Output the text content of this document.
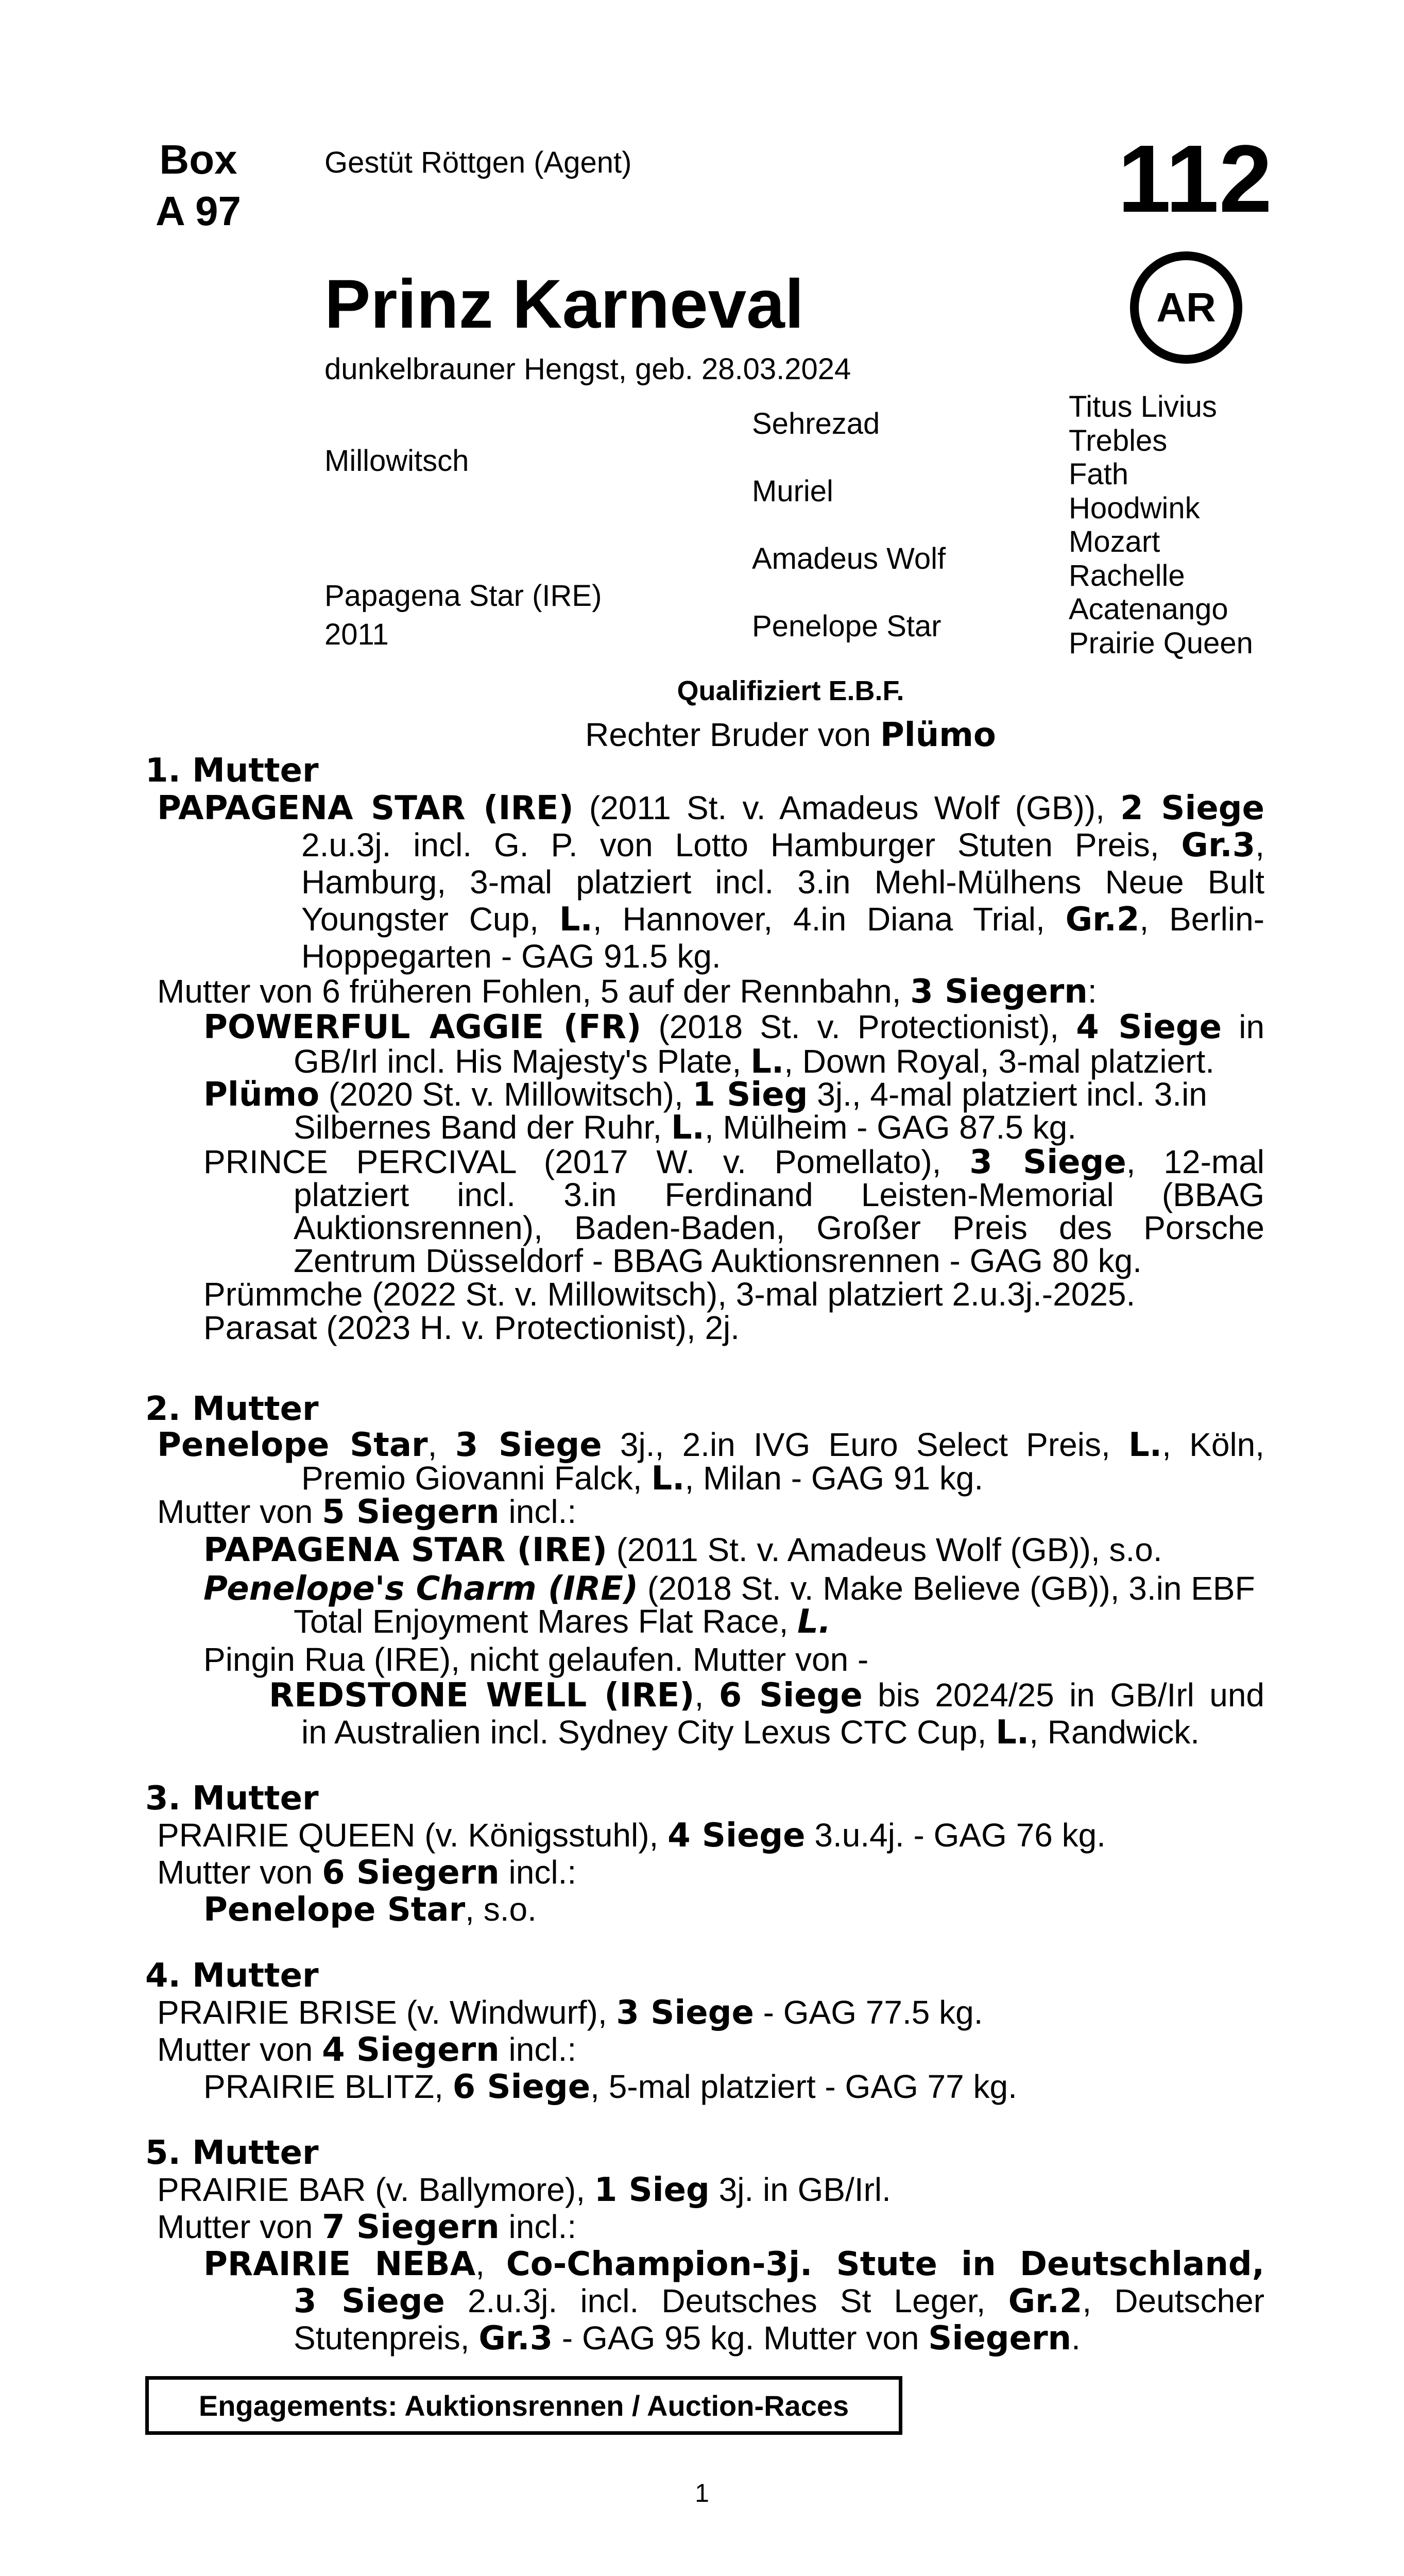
Box
A 97
Gestüt Röttgen (Agent)	112
AR
Prinz Karneval
dunkelbrauner Hengst, geb. 28.03.2024
Millowitsch
Papagena Star (IRE)
2011
Sehrezad
Muriel
Amadeus Wolf
Penelope Star
Titus Livius
Trebles
Fath
Hoodwink
Mozart
Rachelle
Acatenango
Prairie Queen
Qualifiziert E.B.F.
Rechter Bruder von Plümo
1. Mutter
PAPAGENA STAR (IRE) (2011 St. v. Amadeus Wolf (GB)), 2 Siege
2.u.3j. incl. G. P. von Lotto Hamburger Stuten Preis, Gr.3,
Hamburg, 3-mal platziert incl. 3.in Mehl-Mülhens Neue Bult
Youngster Cup, L., Hannover, 4.in Diana Trial, Gr.2, Berlin-
Hoppegarten - GAG 91.5 kg.
Mutter von 6 früheren Fohlen, 5 auf der Rennbahn, 3 Siegern:
POWERFUL AGGIE (FR) (2018 St. v. Protectionist), 4 Siege in
GB/Irl incl. His Majesty's Plate, L., Down Royal, 3-mal platziert.
Plümo (2020 St. v. Millowitsch), 1 Sieg 3j., 4-mal platziert incl. 3.in
Silbernes Band der Ruhr, L., Mülheim - GAG 87.5 kg.
PRINCE PERCIVAL (2017 W. v. Pomellato), 3 Siege, 12-mal
platziert incl. 3.in Ferdinand Leisten-Memorial (BBAG
Auktionsrennen), Baden-Baden, Großer Preis des Porsche
Zentrum Düsseldorf - BBAG Auktionsrennen - GAG 80 kg.
Prümmche (2022 St. v. Millowitsch), 3-mal platziert 2.u.3j.-2025.
Parasat (2023 H. v. Protectionist), 2j.
2. Mutter
Penelope Star, 3 Siege 3j., 2.in IVG Euro Select Preis, L., Köln,
Premio Giovanni Falck, L., Milan - GAG 91 kg.
Mutter von 5 Siegern incl.:
PAPAGENA STAR (IRE) (2011 St. v. Amadeus Wolf (GB)), s.o.
Penelope's Charm (IRE) (2018 St. v. Make Believe (GB)), 3.in EBF
Total Enjoyment Mares Flat Race, L.
Pingin Rua (IRE), nicht gelaufen. Mutter von -
REDSTONE WELL (IRE), 6 Siege bis 2024/25 in GB/Irl und
in Australien incl. Sydney City Lexus CTC Cup, L., Randwick.
3. Mutter
PRAIRIE QUEEN (v. Königsstuhl), 4 Siege 3.u.4j. - GAG 76 kg.
Mutter von 6 Siegern incl.:
Penelope Star, s.o.
4. Mutter
PRAIRIE BRISE (v. Windwurf), 3 Siege - GAG 77.5 kg.
Mutter von 4 Siegern incl.:
PRAIRIE BLITZ, 6 Siege, 5-mal platziert - GAG 77 kg.
5. Mutter
PRAIRIE BAR (v. Ballymore), 1 Sieg 3j. in GB/Irl.
Mutter von 7 Siegern incl.:
PRAIRIE NEBA, Co-Champion-3j. Stute in Deutschland,
3 Siege 2.u.3j. incl. Deutsches St Leger, Gr.2, Deutscher
Stutenpreis, Gr.3 - GAG 95 kg. Mutter von Siegern.
Engagements: Auktionsrennen / Auction-Races
1
